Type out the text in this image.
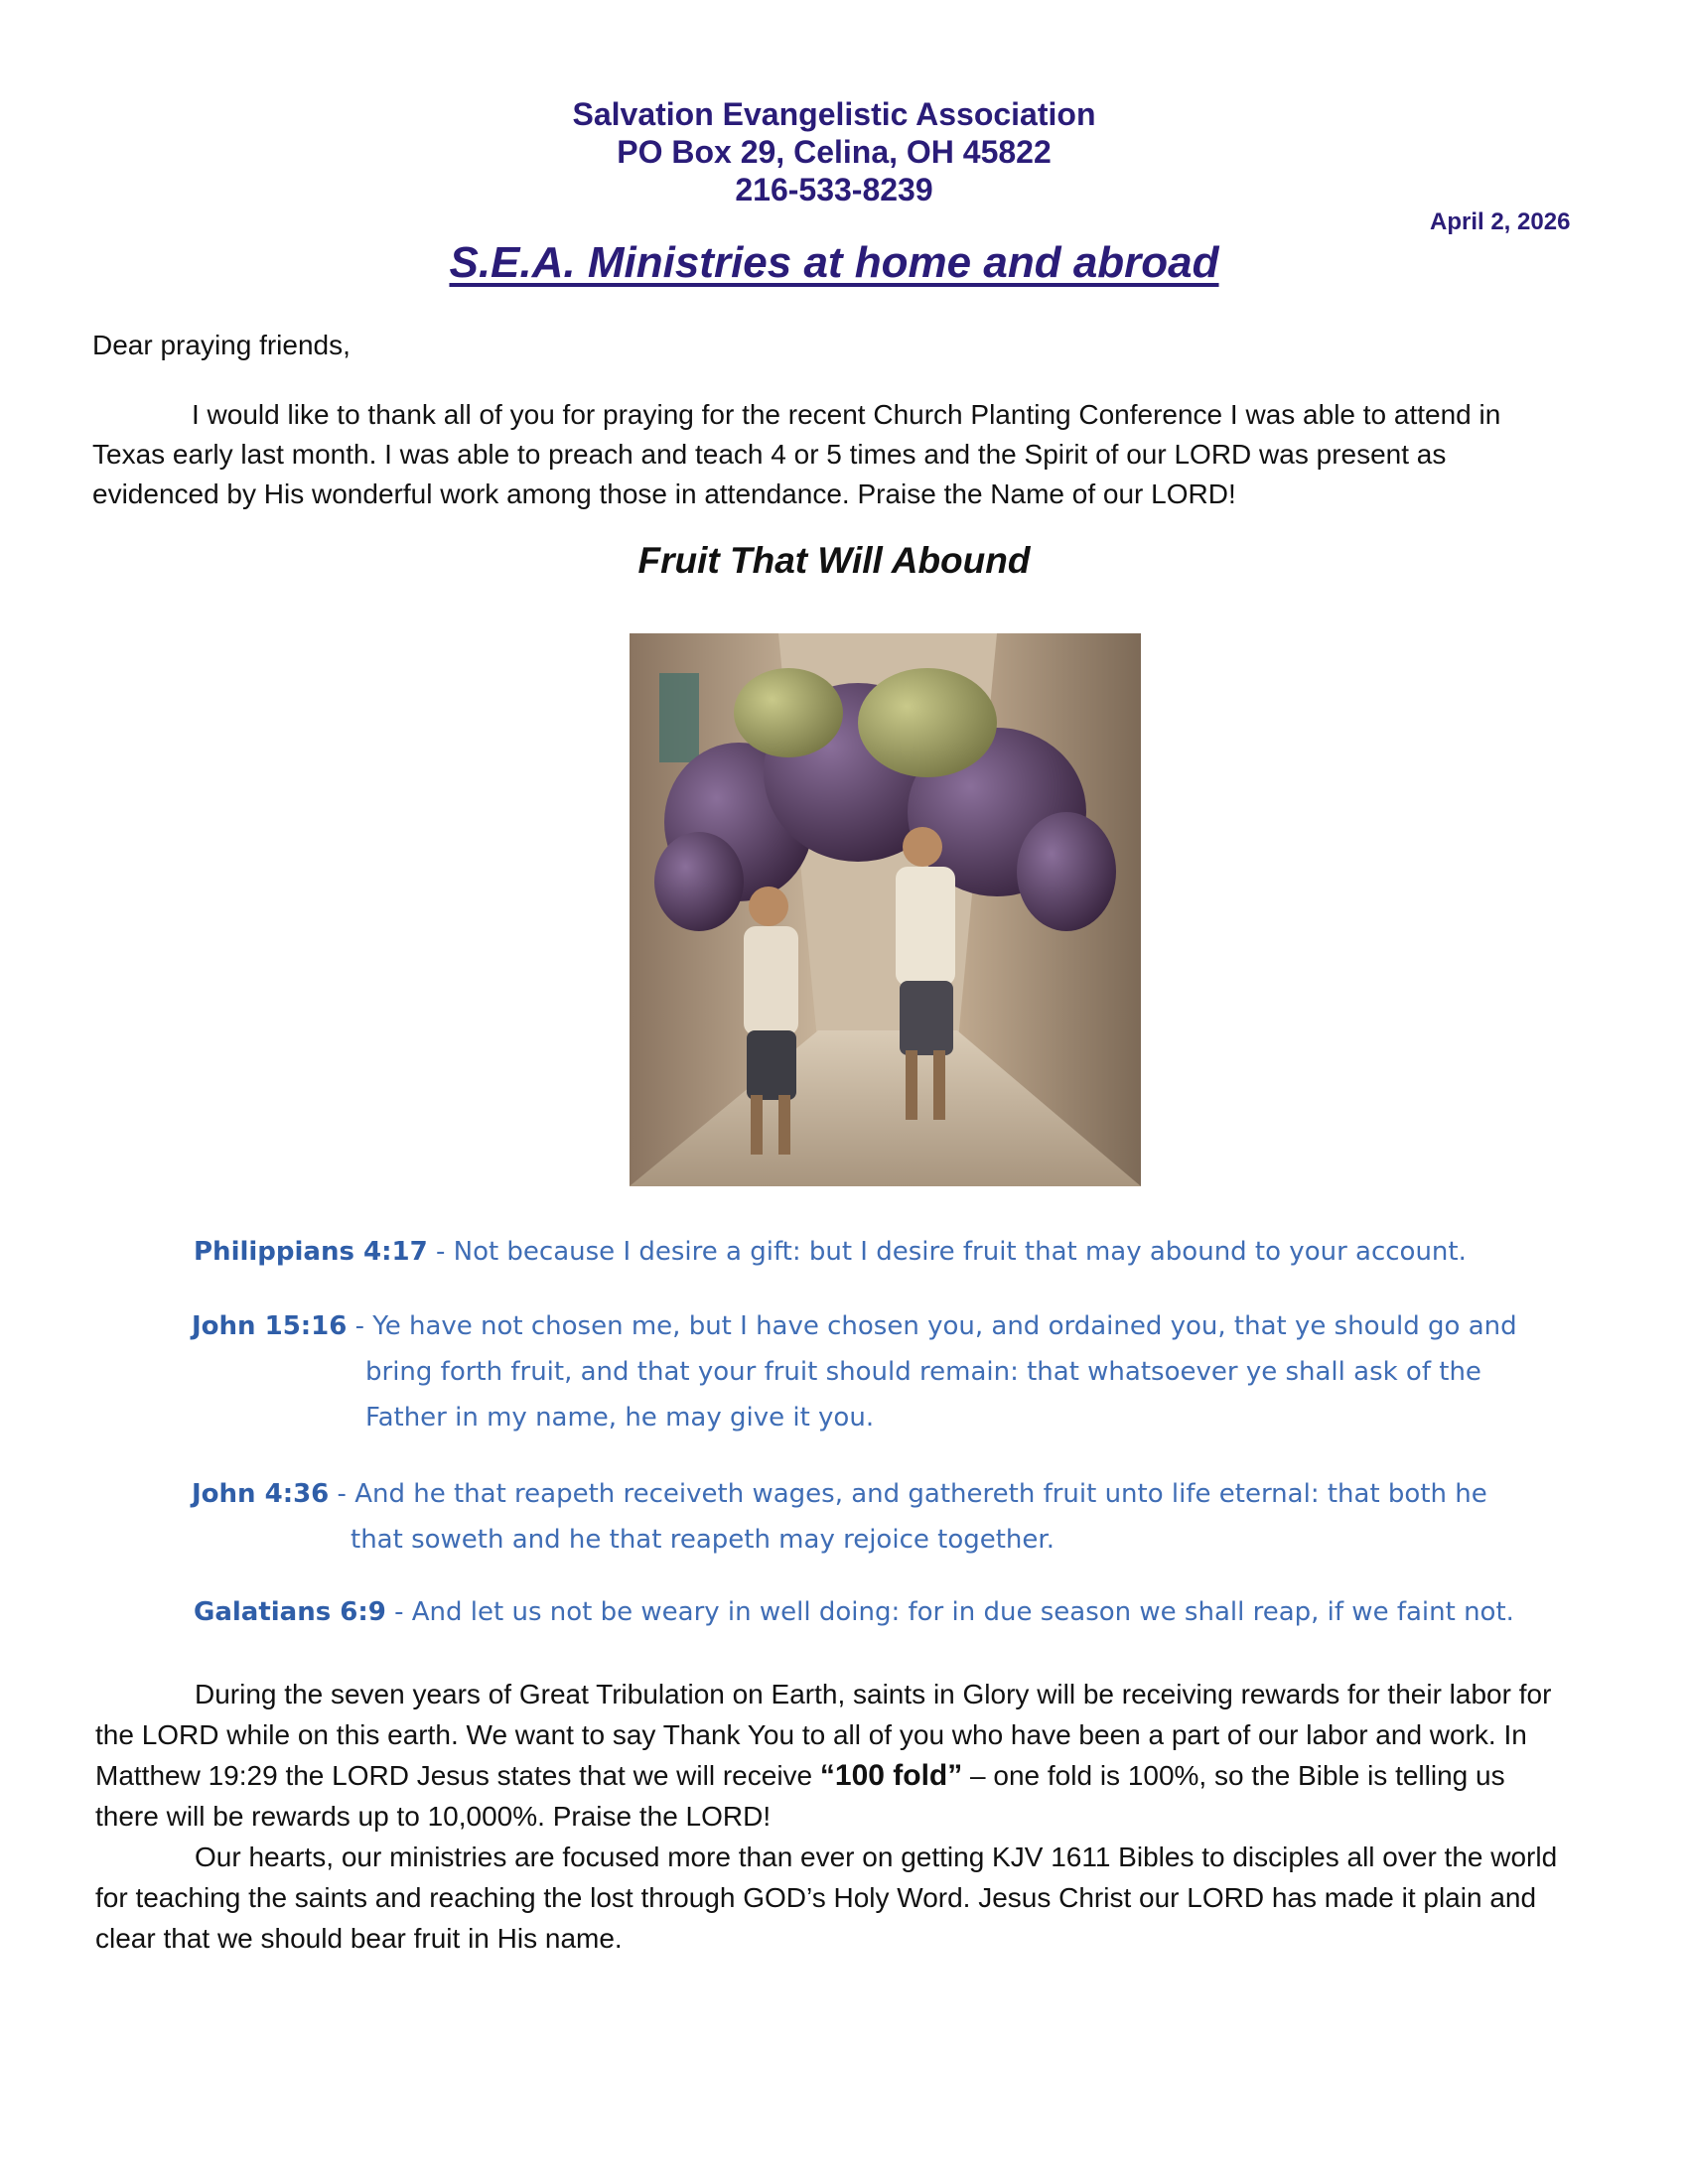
Salvation Evangelistic Association
PO Box 29, Celina, OH 45822
216-533-8239
April 2, 2026
S.E.A. Ministries at home and abroad
Dear praying friends,

I would like to thank all of you for praying for the recent Church Planting Conference I was able to attend in Texas early last month. I was able to preach and teach 4 or 5 times and the Spirit of our LORD was present as evidenced by His wonderful work among those in attendance. Praise the Name of our LORD!

Fruit That Will Abound

Philippians 4:17 - Not because I desire a gift: but I desire fruit that may abound to your account.

John 15:16 - Ye have not chosen me, but I have chosen you, and ordained you, that ye should go and
bring forth fruit, and that your fruit should remain: that whatsoever ye shall ask of the
Father in my name, he may give it you.

John 4:36 - And he that reapeth receiveth wages, and gathereth fruit unto life eternal: that both he
that soweth and he that reapeth may rejoice together.

Galatians 6:9 - And let us not be weary in well doing: for in due season we shall reap, if we faint not.

During the seven years of Great Tribulation on Earth, saints in Glory will be receiving rewards for their labor for the LORD while on this earth. We want to say Thank You to all of you who have been a part of our labor and work. In Matthew 19:29 the LORD Jesus states that we will receive “100 fold” – one fold is 100%, so the Bible is telling us there will be rewards up to 10,000%. Praise the LORD!

Our hearts, our ministries are focused more than ever on getting KJV 1611 Bibles to disciples all over the world for teaching the saints and reaching the lost through GOD’s Holy Word. Jesus Christ our LORD has made it plain and clear that we should bear fruit in His name.
